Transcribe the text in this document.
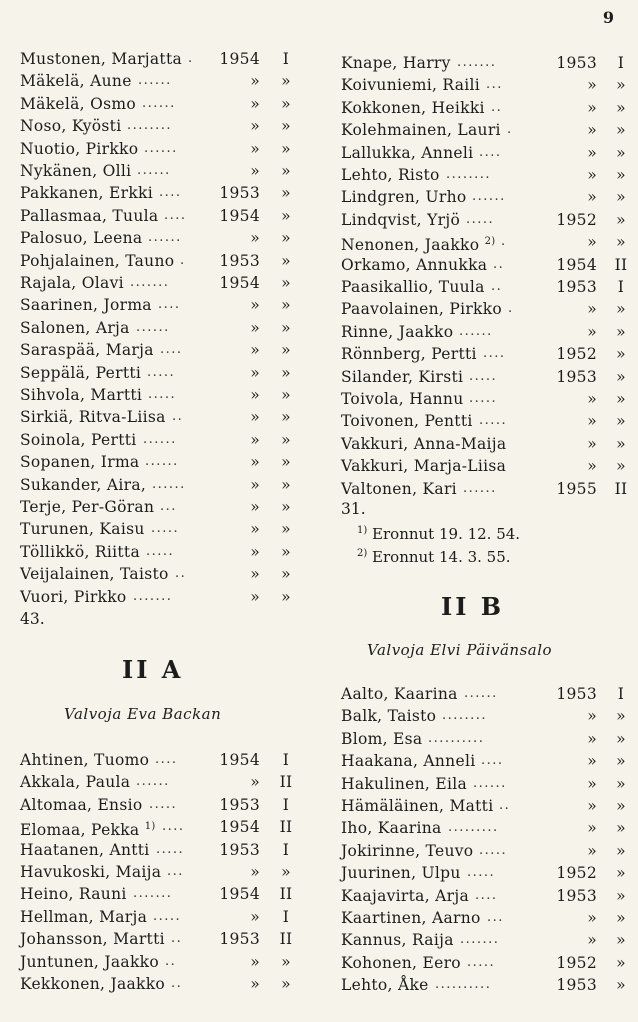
9
Mustonen, Marjatta .	1954	I
Mäkelä, Aune ......	»	»
Mäkelä, Osmo ......	»	»
Noso, Kyösti ........	»	»
Nuotio, Pirkko ......	»	»
Nykänen, Olli ......	»	»
Pakkanen, Erkki ....	1953	»
Pallasmaa, Tuula ....	1954	»
Palosuo, Leena ......	»	»
Pohjalainen, Tauno .	1953	»
Rajala, Olavi .......	1954	»
Saarinen, Jorma ....	»	»
Salonen, Arja ......	»	»
Saraspää, Marja ....	»	»
Seppälä, Pertti .....	»	»
Sihvola, Martti .....	»	»
Sirkiä, Ritva-Liisa ..	»	»
Soinola, Pertti ......	»	»
Sopanen, Irma ......	»	»
Sukander, Aira, ......	»	»
Terje, Per-Göran ...	»	»
Turunen, Kaisu .....	»	»
Töllikkö, Riitta .....	»	»
Veijalainen, Taisto ..	»	»
Vuori, Pirkko .......	»	»
43.
II A
Valvoja Eva Backan
Ahtinen, Tuomo ....	1954	I
Akkala, Paula ......	» II
Altomaa, Ensio .....	1953	I
Elomaa, Pekka $^{1)}$ ....	1954 II
Haatanen, Antti .....	1953	I
Havukoski, Maija ...	»	»
Heino, Rauni .......	1954 II
Hellman, Marja .....	»	I
Johansson, Martti ..	1953 II
Juntunen, Jaakko ..	»	»
Kekkonen, Jaakko ..	»	»
Knape, Harry .......	1953	I
Koivuniemi, Raili ...	»	»
Kokkonen, Heikki ..	»	»
Kolehmainen, Lauri .	»	»
Lallukka, Anneli ....	»	»
Lehto, Risto ........	»	»
Lindgren, Urho ......	»	»
Lindqvist, Yrjö .....	1952	»
Nenonen, Jaakko $^{2)}$ .	»	»
Orkamo, Annukka ..	1954 II
Paasikallio, Tuula ..	1953	I
Paavolainen, Pirkko .	»	»
Rinne, Jaakko ......	»	»
Rönnberg, Pertti ....	1952	»
Silander, Kirsti .....	1953	»
Toivola, Hannu .....	»	»
Toivonen, Pentti .....	»	»
Vakkuri, Anna-Maija	»	»
Vakkuri, Marja-Liisa	»	»
Valtonen, Kari ......	1955 II
31.
$^{1)}$ Eronnut 19. 12. 54.
$^{2)}$ Eronnut 14. 3. 55.
II B
Valvoja Elvi Päivänsalo
Aalto, Kaarina ......	1953	I
Balk, Taisto ........	»	»
Blom, Esa ..........	»	»
Haakana, Anneli ....	»	»
Hakulinen, Eila ......	»	»
Hämäläinen, Matti ..	»	»
Iho, Kaarina .........	»	»
Jokirinne, Teuvo .....	»	»
Juurinen, Ulpu .....	1952	»
Kaajavirta, Arja ....	1953	»
Kaartinen, Aarno ...	»	»
Kannus, Raija .......	»	»
Kohonen, Eero .....	1952	»
Lehto, Åke ..........	1953	»
